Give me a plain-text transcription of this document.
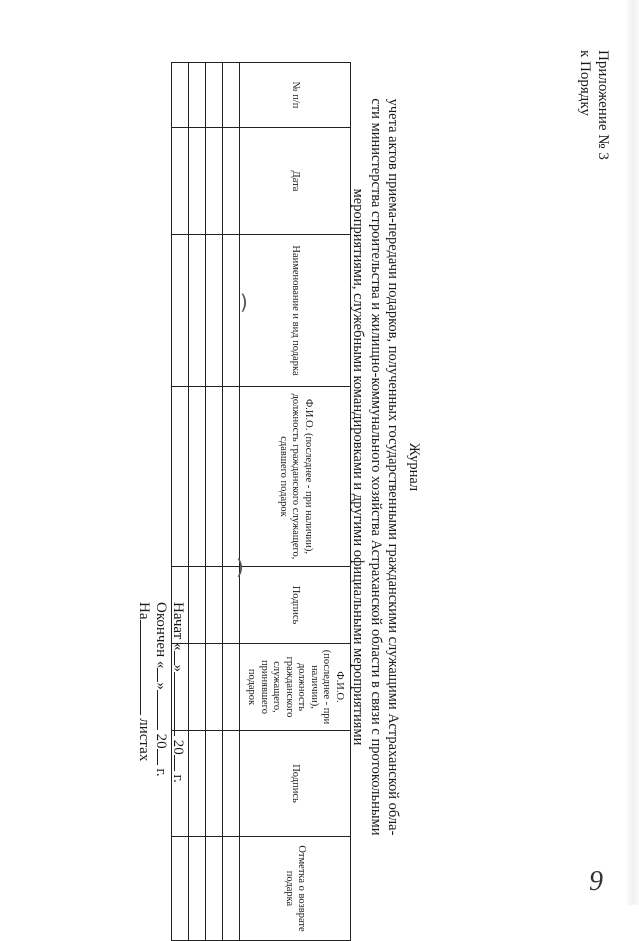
Приложение № 3
к Порядку
Журнал
учета актов приема-передачи подарков, полученных государственными гражданскими служащими Астраханской обла-
сти министерства строительства и жилищно-коммунального хозяйства Астраханской области в связи с протокольными
мероприятиями, служебными командировками и другими официальными мероприятиями
№ п/п	Дата	Наименование и вид подарка	Ф.И.О. (последнее - при наличии), должность гражданского служащего, сдавшего подарок	Подпись	Ф.И.О. (последнее - при наличии), должность гражданского служащего, принявшего подарок	Подпись	Отметка о возврате подарка

Начат «» 20 г.
Окончен «» 20 г.
На листах
)
)
9
